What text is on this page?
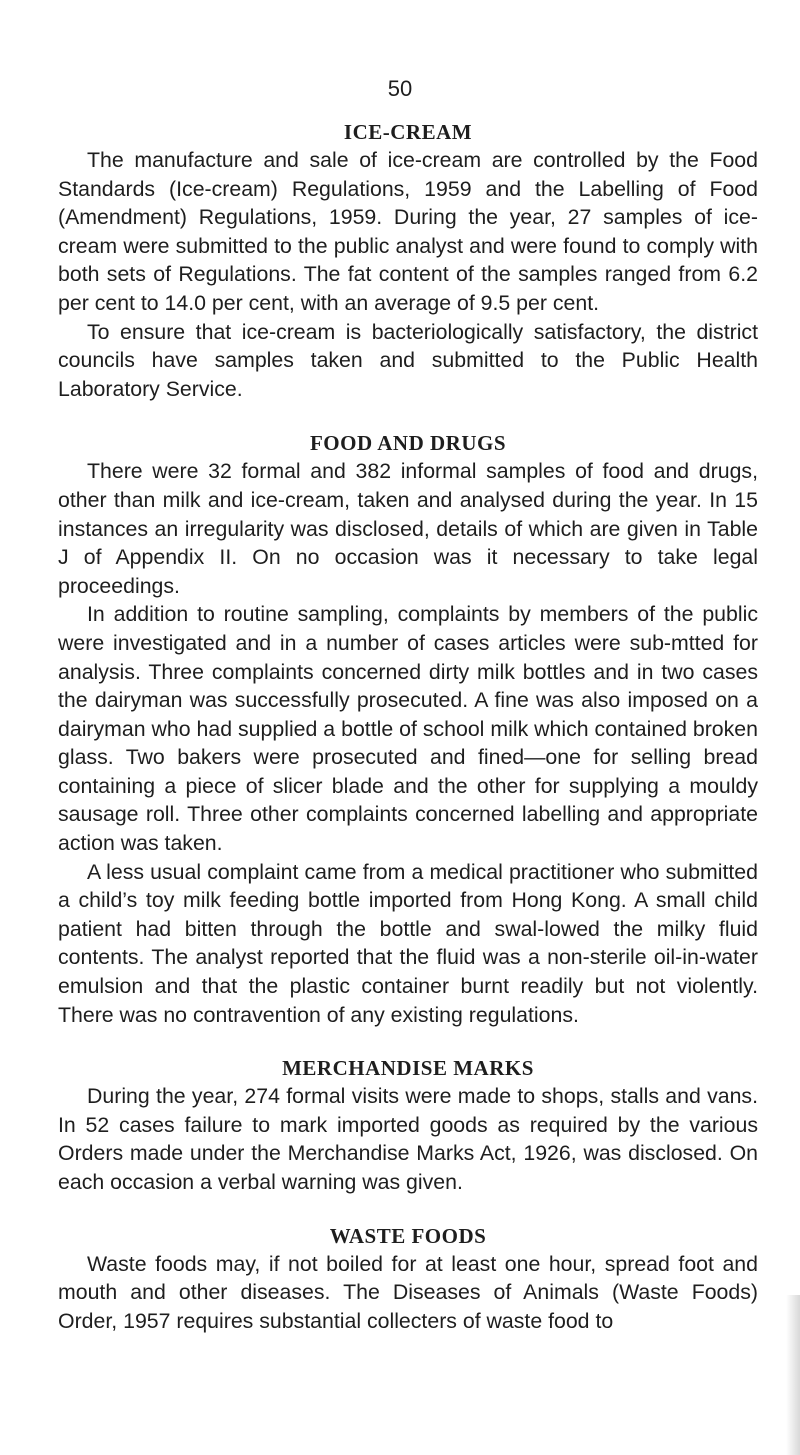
50
ICE-CREAM

The manufacture and sale of ice-cream are controlled by the Food Standards (Ice-cream) Regulations, 1959 and the Labelling of Food (Amendment) Regulations, 1959. During the year, 27 samples of ice-cream were submitted to the public analyst and were found to comply with both sets of Regulations. The fat content of the samples ranged from 6.2 per cent to 14.0 per cent, with an average of 9.5 per cent.

To ensure that ice-cream is bacteriologically satisfactory, the district councils have samples taken and submitted to the Public Health Laboratory Service.

FOOD AND DRUGS

There were 32 formal and 382 informal samples of food and drugs, other than milk and ice-cream, taken and analysed during the year. In 15 instances an irregularity was disclosed, details of which are given in Table J of Appendix II. On no occasion was it necessary to take legal proceedings.

In addition to routine sampling, complaints by members of the public were investigated and in a number of cases articles were sub-mtted for analysis. Three complaints concerned dirty milk bottles and in two cases the dairyman was successfully prosecuted. A fine was also imposed on a dairyman who had supplied a bottle of school milk which contained broken glass. Two bakers were prosecuted and fined—one for selling bread containing a piece of slicer blade and the other for supplying a mouldy sausage roll. Three other complaints concerned labelling and appropriate action was taken.

A less usual complaint came from a medical practitioner who submitted a child’s toy milk feeding bottle imported from Hong Kong. A small child patient had bitten through the bottle and swal-lowed the milky fluid contents. The analyst reported that the fluid was a non-sterile oil-in-water emulsion and that the plastic container burnt readily but not violently. There was no contravention of any existing regulations.

MERCHANDISE MARKS

During the year, 274 formal visits were made to shops, stalls and vans. In 52 cases failure to mark imported goods as required by the various Orders made under the Merchandise Marks Act, 1926, was disclosed. On each occasion a verbal warning was given.

WASTE FOODS

Waste foods may, if not boiled for at least one hour, spread foot and mouth and other diseases. The Diseases of Animals (Waste Foods) Order, 1957 requires substantial collecters of waste food to
